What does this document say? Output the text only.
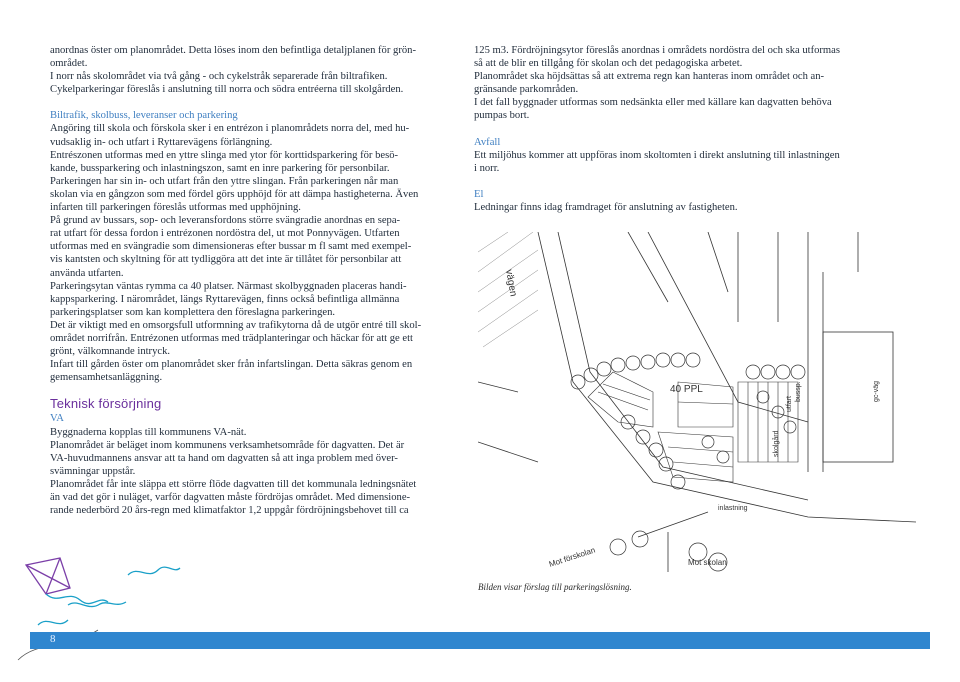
anordnas öster om planområdet. Detta löses inom den befintliga detaljplanen för grön-

området.

I norr nås skolområdet via två gång - och cykelstråk separerade från biltrafiken.

Cykelparkeringar föreslås i anslutning till norra och södra entréerna till skolgården.

Biltrafik, skolbuss, leveranser och parkering

Angöring till skola och förskola sker i en entrézon i planområdets norra del, med hu-

vudsaklig in- och utfart i Ryttarevägens förlängning.

Entrészonen utformas med en yttre slinga med ytor för korttidsparkering för besö-

kande, bussparkering och inlastningszon, samt en inre parkering för personbilar.

Parkeringen har sin in- och utfart från den yttre slingan. Från parkeringen når man

skolan via en gångzon som med fördel görs upphöjd för att dämpa hastigheterna. Även

infarten till parkeringen föreslås utformas med upphöjning.

På grund av bussars, sop- och leveransfordons större svängradie anordnas en sepa-

rat utfart för dessa fordon i entrézonen nordöstra del, ut mot Ponnyvägen. Utfarten

utformas med en svängradie som dimensioneras efter bussar m fl samt med exempel-

vis kantsten och skyltning för att tydliggöra att det inte är tillåtet för personbilar att

använda utfarten.

Parkeringsytan väntas rymma ca 40 platser. Närmast skolbyggnaden placeras handi-

kappsparkering. I närområdet, längs Ryttarevägen, finns också befintliga allmänna

parkeringsplatser som kan komplettera den föreslagna parkeringen.

Det är viktigt med en omsorgsfull utformning av trafikytorna då de utgör entré till skol-

området norrifrån. Entrézonen utformas med trädplanteringar och häckar för att ge ett

grönt, välkomnande intryck.

Infart till gården öster om planområdet sker från infartslingan. Detta säkras genom en

gemensamhetsanläggning.

Teknisk försörjning

VA

Byggnaderna kopplas till kommunens VA-nät.

Planområdet är beläget inom kommunens verksamhetsområde för dagvatten. Det är

VA-huvudmannens ansvar att ta hand om dagvatten så att inga problem med över-

svämningar uppstår.

Planområdet får inte släppa ett större flöde dagvatten till det kommunala ledningsnätet

än vad det gör i nuläget, varför dagvatten måste fördröjas området. Med dimensione-

rande nederbörd 20 års-regn med klimatfaktor 1,2 uppgår fördröjningsbehovet till ca

125 m3. Fördröjningsytor föreslås anordnas i områdets nordöstra del och ska utformas

så att de blir en tillgång för skolan och det pedagogiska arbetet.

Planområdet ska höjdsättas så att extrema regn kan hanteras inom området och an-

gränsande parkområden.

I det fall byggnader utformas som nedsänkta eller med källare kan dagvatten behöva

pumpas bort.

Avfall

Ett miljöhus kommer att uppföras inom skoltomten i direkt anslutning till inlastningen

i norr.

El

Ledningar finns idag framdraget för anslutning av fastigheten.

vägen
40 PPL
inlastning
Mot förskolan	Mot skolan
skolgård
utfart
bussp.	gc-väg
Bilden visar förslag till parkeringslösning.
8
